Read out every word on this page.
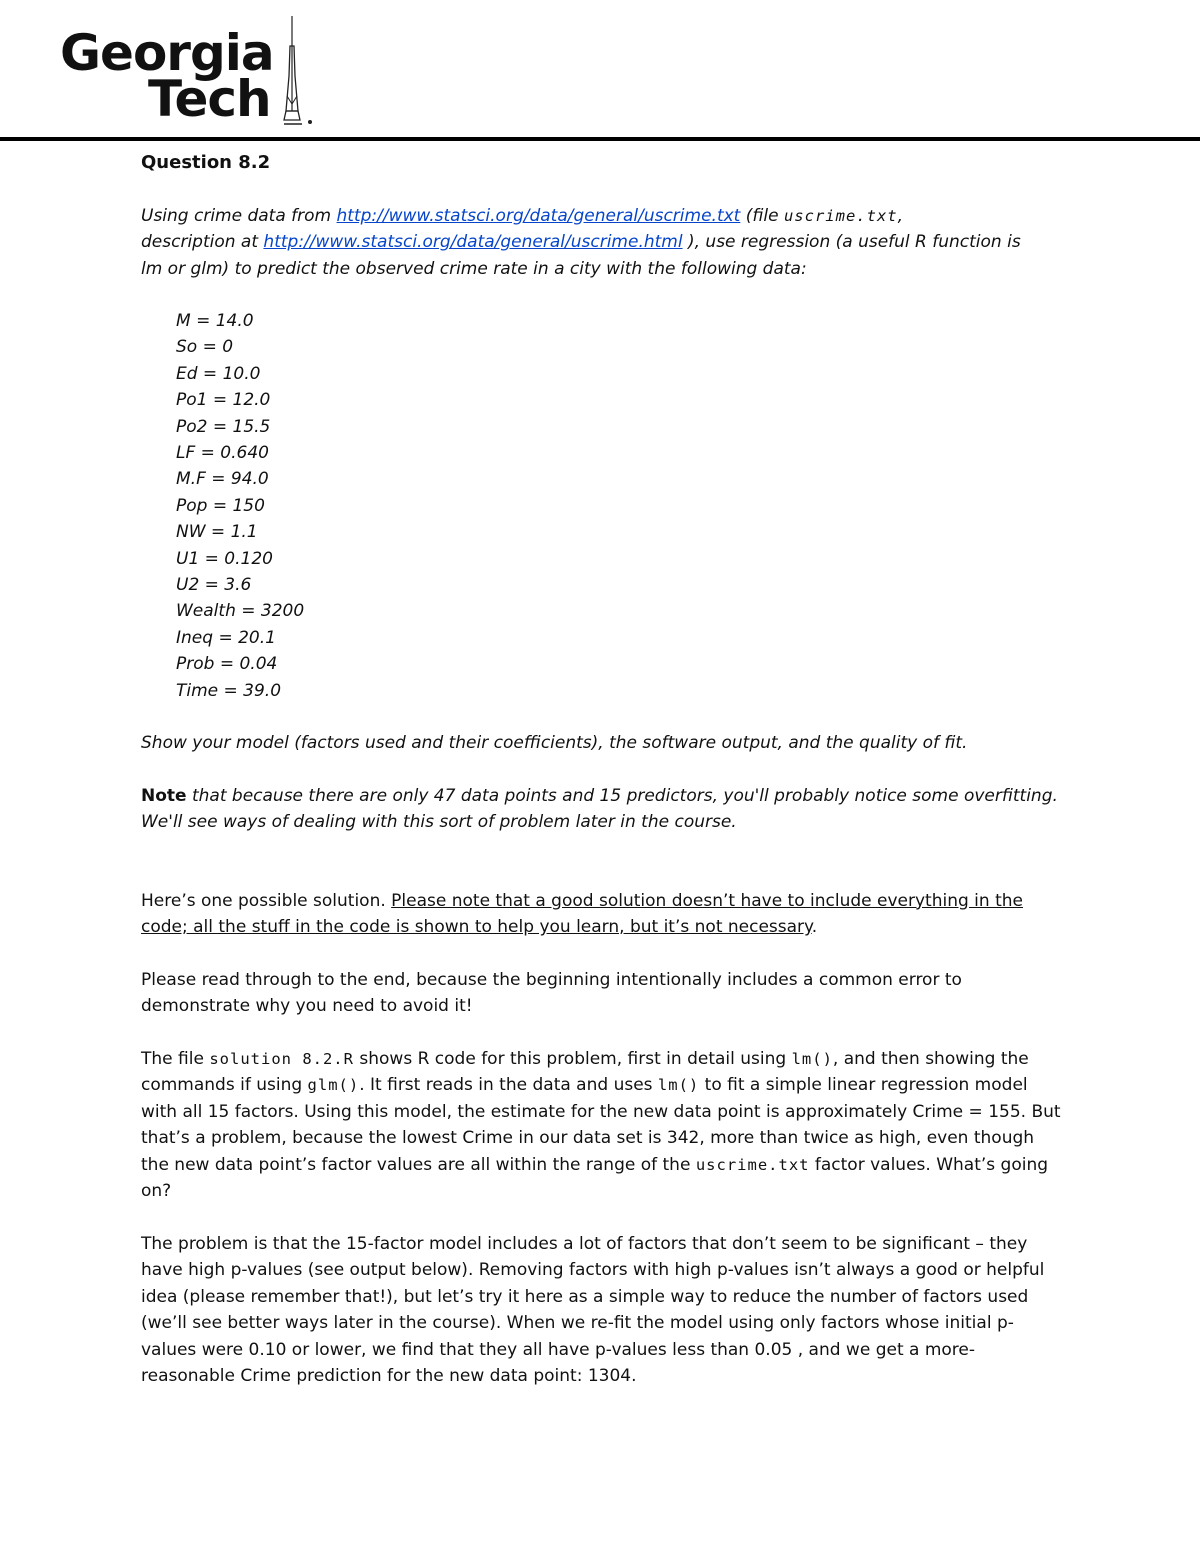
Georgia
Tech

Question 8.2

Using crime data from http://www.statsci.org/data/general/uscrime.txt (file uscrime.txt,
description at http://www.statsci.org/data/general/uscrime.html ), use regression (a useful R function is
lm or glm) to predict the observed crime rate in a city with the following data:

M = 14.0
So = 0
Ed = 10.0
Po1 = 12.0
Po2 = 15.5
LF = 0.640
M.F = 94.0
Pop = 150
NW = 1.1
U1 = 0.120
U2 = 3.6
Wealth = 3200
Ineq = 20.1
Prob = 0.04
Time = 39.0

Show your model (factors used and their coefficients), the software output, and the quality of fit.

Note that because there are only 47 data points and 15 predictors, you'll probably notice some overfitting. We'll see ways of dealing with this sort of problem later in the course.

Here’s one possible solution. Please note that a good solution doesn’t have to include everything in the code; all the stuff in the code is shown to help you learn, but it’s not necessary.

Please read through to the end, because the beginning intentionally includes a common error to demonstrate why you need to avoid it!

The file solution 8.2.R shows R code for this problem, first in detail using lm(), and then showing the commands if using glm(). It first reads in the data and uses lm() to fit a simple linear regression model with all 15 factors. Using this model, the estimate for the new data point is approximately Crime = 155. But that’s a problem, because the lowest Crime in our data set is 342, more than twice as high, even though the new data point’s factor values are all within the range of the uscrime.txt factor values. What’s going on?

The problem is that the 15-factor model includes a lot of factors that don’t seem to be significant – they have high p-values (see output below). Removing factors with high p-values isn’t always a good or helpful idea (please remember that!), but let’s try it here as a simple way to reduce the number of factors used (we’ll see better ways later in the course). When we re-fit the model using only factors whose initial p-values were 0.10 or lower, we find that they all have p-values less than 0.05 , and we get a more-reasonable Crime prediction for the new data point: 1304.
